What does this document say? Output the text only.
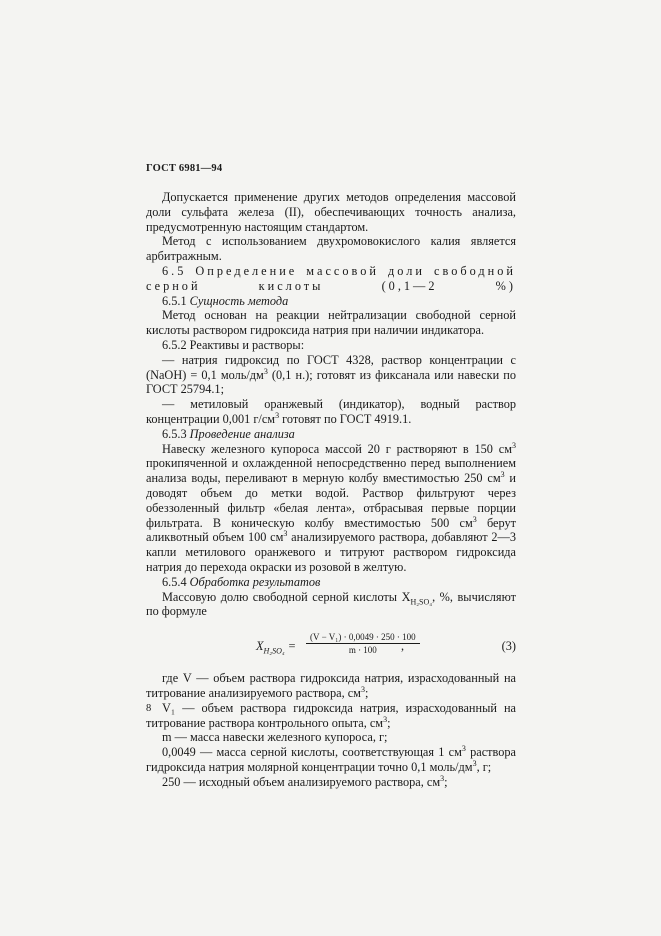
ГОСТ 6981—94

Допускается применение других методов определения массовой доли сульфата железа (II), обеспечивающих точность анализа, предусмотренную настоящим стандартом.

Метод с использованием двухромовокислого калия является арбитражным.

6.5 Определение массовой доли свободной серной кислоты (0,1—2 %)

6.5.1 Сущность метода

Метод основан на реакции нейтрализации свободной серной кислоты раствором гидроксида натрия при наличии индикатора.

6.5.2 Реактивы и растворы:

— натрия гидроксид по ГОСТ 4328, раствор концентрации c (NaOH) = 0,1 моль/$дм^3$ (0,1 н.); готовят из фиксанала или навески по ГОСТ 25794.1;

— метиловый оранжевый (индикатор), водный раствор концентрации 0,001 $г/см^3$ готовят по ГОСТ 4919.1.

6.5.3 Проведение анализа

Навеску железного купороса массой 20 г растворяют в 150 $см^3$ прокипяченной и охлажденной непосредственно перед выполнением анализа воды, переливают в мерную колбу вместимостью 250 $см^3$ и доводят объем до метки водой. Раствор фильтруют через обеззоленный фильтр «белая лента», отбрасывая первые порции фильтрата. В коническую колбу вместимостью 500 $см^3$ берут аликвотный объем 100 $см^3$ анализируемого раствора, добавляют 2—3 капли метилового оранжевого и титруют раствором гидроксида натрия до перехода окраски из розовой в желтую.

6.5.4 Обработка результатов

Массовую долю свободной серной кислоты $X_{H_2SO_4}$, %, вычисляют по формуле

$X_{H_2SO_4} = \frac{\text{(V − V₁) · 0,0049 · 250 · 100}}{m \cdot 100}$
,	(3)

где V — объем раствора гидроксида натрия, израсходованный на титрование анализируемого раствора, $см^3$;

V₁ — объем раствора гидроксида натрия, израсходованный на титрование раствора контрольного опыта, $см^3$;

m — масса навески железного купороса, г;

0,0049 — масса серной кислоты, соответствующая 1 $см^3$ раствора гидроксида натрия молярной концентрации точно 0,1 моль/$дм^3$, г;

250 — исходный объем анализируемого раствора, $см^3$;

8
